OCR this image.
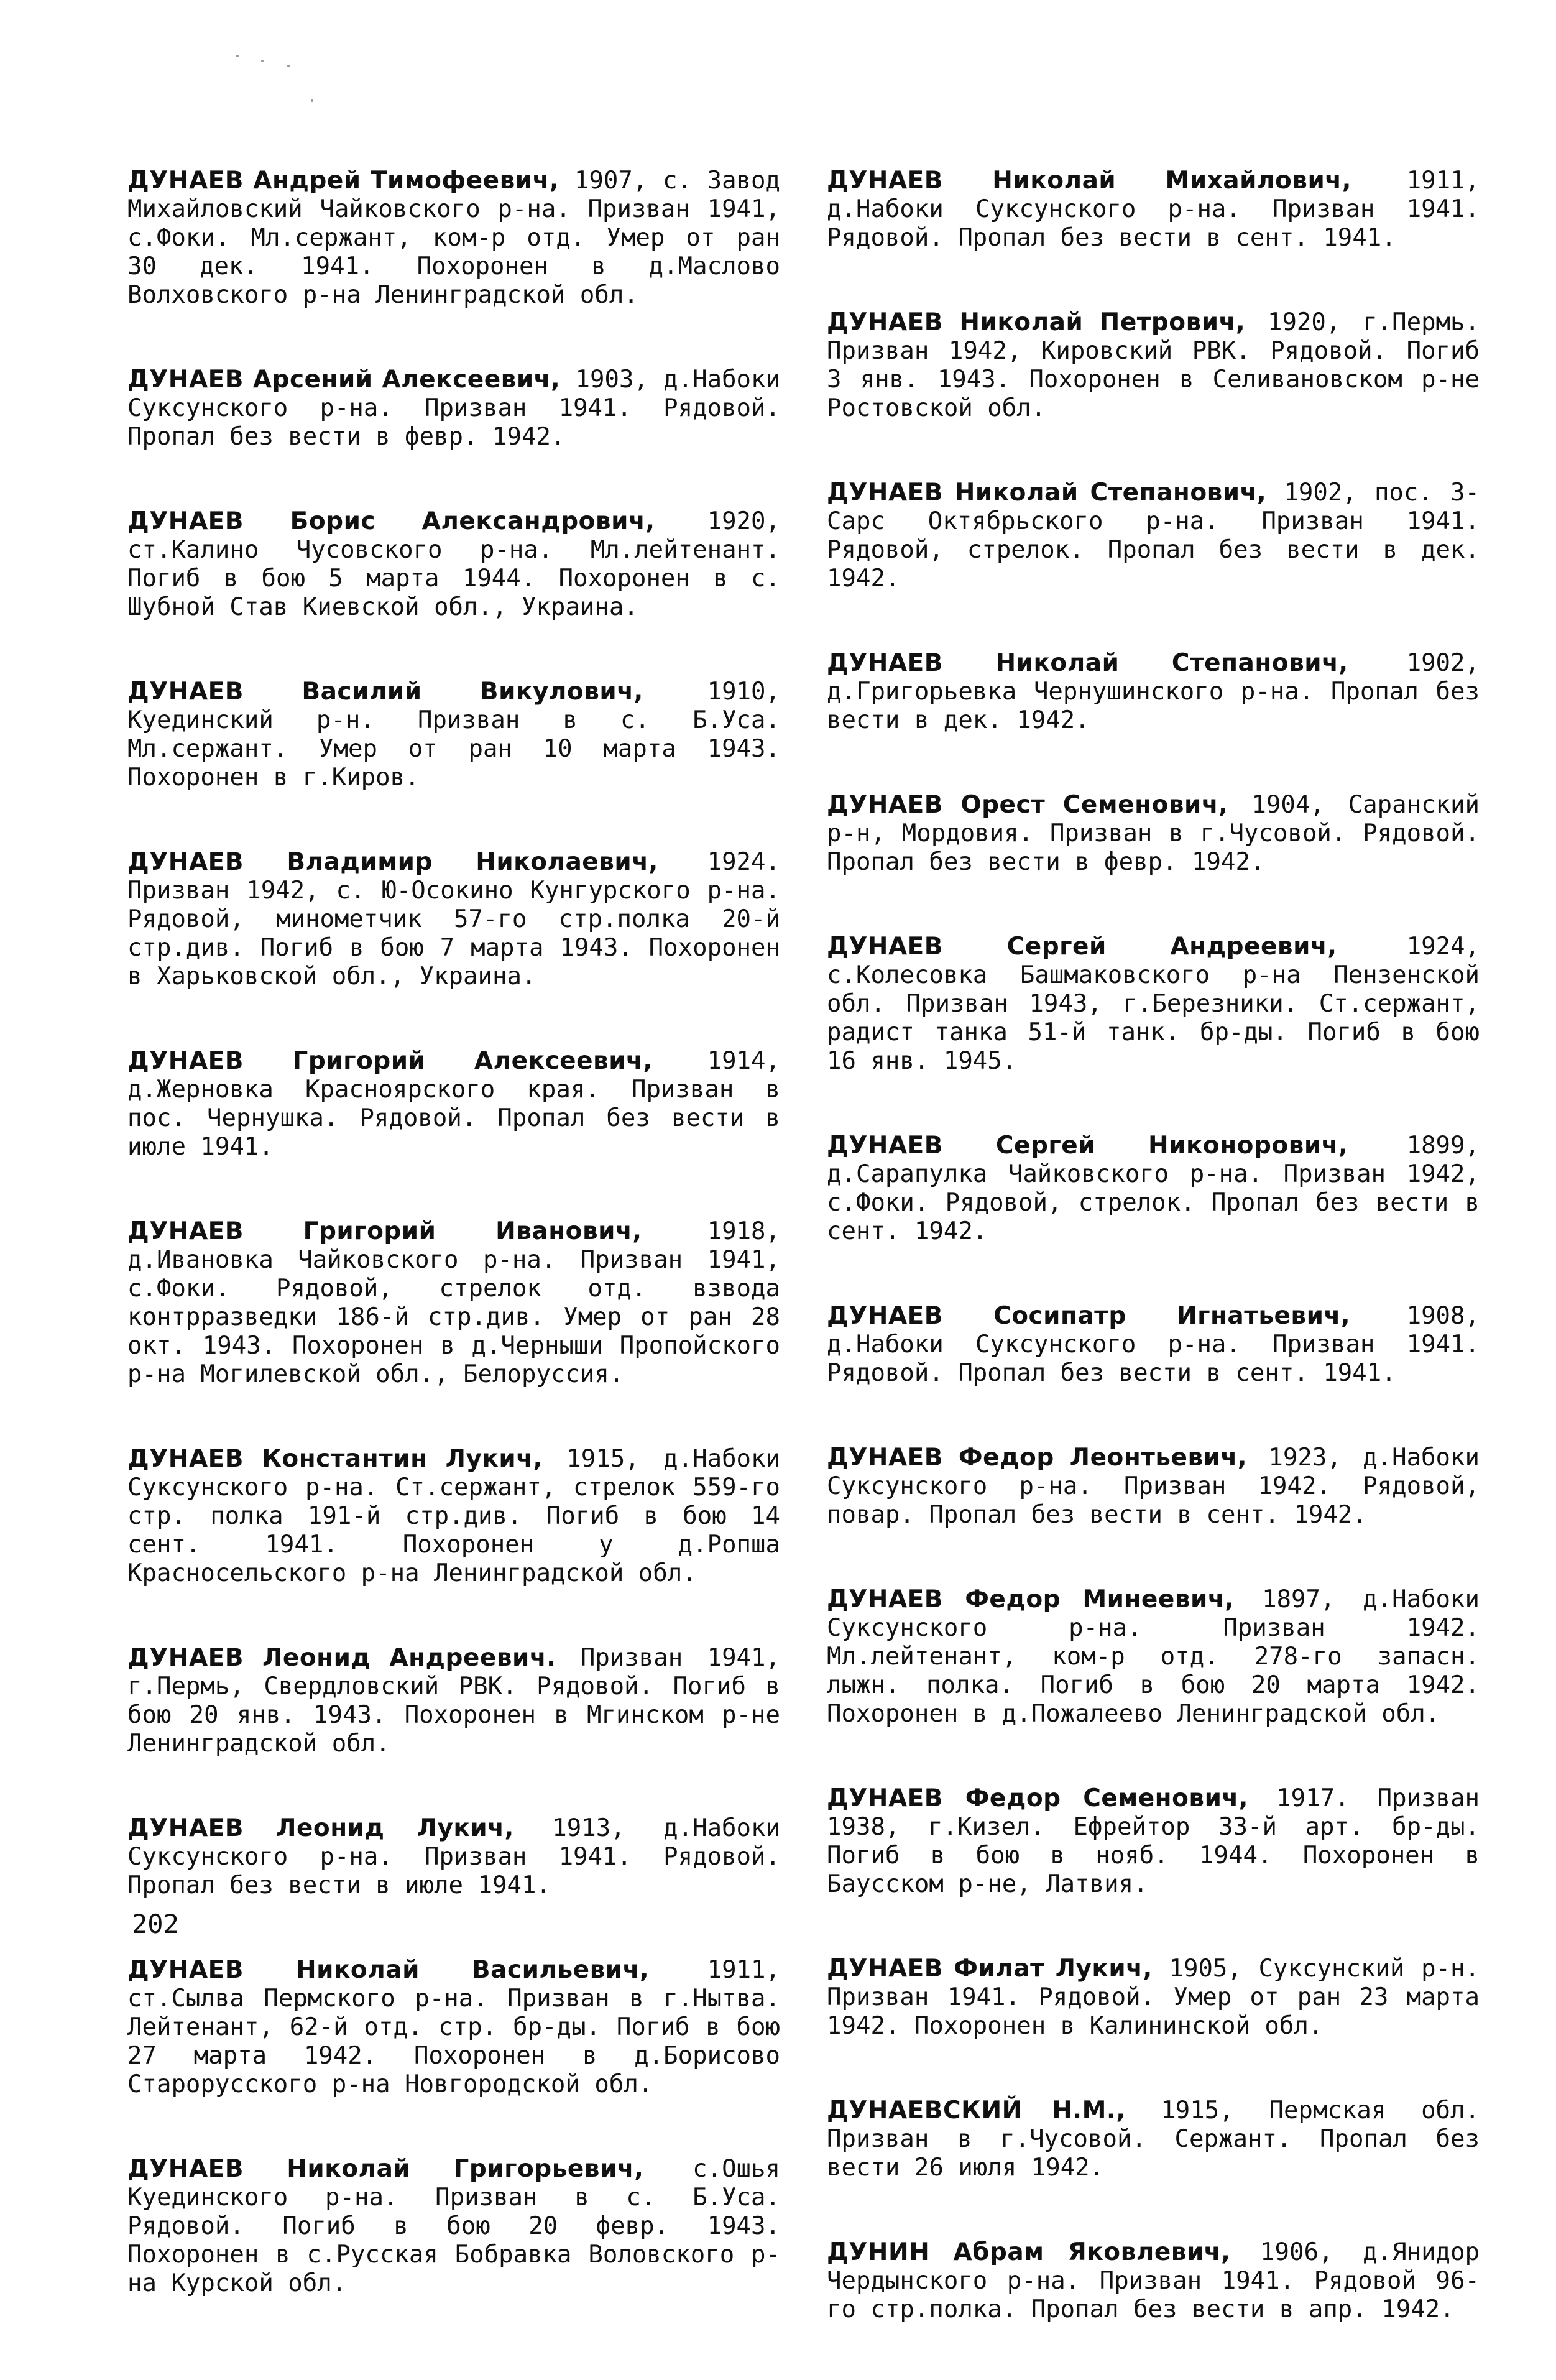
ДУНАЕВ Андрей Тимофеевич, 1907, с. Завод Михайловский Чайковского р-на. Призван 1941, с.Фоки. Мл.сержант, ком-р отд. Умер от ран 30 дек. 1941. Похоронен в д.Маслово Волховского р-на Ленинградской обл.

ДУНАЕВ Арсений Алексеевич, 1903, д.Набоки Суксунского р-на. Призван 1941. Рядовой. Пропал без вести в февр. 1942.

ДУНАЕВ Борис Александрович, 1920, ст.Калино Чусовского р-на. Мл.лейтенант. Погиб в бою 5 марта 1944. Похоронен в с. Шубной Став Киевской обл., Украина.

ДУНАЕВ Василий Викулович,	1910, Куединский р-н. Призван в с. Б.Уса. Мл.сержант. Умер от ран 10 марта 1943. Похоронен в г.Киров.

ДУНАЕВ Владимир Николаевич, 1924. Призван 1942, с. Ю-Осокино Кунгурского р-на. Рядовой, минометчик 57-го стр.полка 20-й стр.див. Погиб в бою 7 марта 1943. Похоронен в Харьковской обл., Украина.

ДУНАЕВ Григорий Алексеевич, 1914, д.Жерновка Красноярского края. Призван в пос. Чернушка. Рядовой. Пропал без вести в июле 1941.

ДУНАЕВ Григорий Иванович,	1918, д.Ивановка Чайковского р-на. Призван 1941, с.Фоки. Рядовой, стрелок отд. взвода контрразведки 186-й стр.див. Умер от ран 28 окт. 1943. Похоронен в д.Черныши Пропойского р-на Могилевской обл., Белоруссия.

ДУНАЕВ Константин Лукич, 1915, д.Набоки Суксунского р-на. Ст.сержант, стрелок 559-го стр. полка 191-й стр.див. Погиб в бою 14 сент. 1941. Похоронен у д.Ропша Красносельского р-на Ленинградской обл.

ДУНАЕВ Леонид Андреевич. Призван 1941, г.Пермь, Свердловский РВК. Рядовой. Погиб в бою 20 янв. 1943. Похоронен в Мгинском р-не Ленинградской обл.

ДУНАЕВ Леонид Лукич, 1913, д.Набоки Суксунского р-на. Призван 1941. Рядовой. Пропал без вести в июле 1941.

ДУНАЕВ Николай Васильевич, 1911, ст.Сылва Пермского р-на. Призван в г.Нытва. Лейтенант, 62-й отд. стр. бр-ды. Погиб в бою 27 марта 1942. Похоронен в д.Борисово Старорусского р-на Новгородской обл.

ДУНАЕВ Николай Григорьевич, с.Ошья Куединского р-на. Призван в с. Б.Уса. Рядовой. Погиб в бою 20 февр. 1943. Похоронен в с.Русская Бобравка Воловского р-на Курской обл.

ДУНАЕВ Николай Михайлович, 1911, д.Набоки Суксунского р-на. Призван 1941. Рядовой. Пропал без вести в сент. 1941.

ДУНАЕВ Николай Петрович, 1920, г.Пермь. Призван 1942, Кировский РВК. Рядовой. Погиб 3 янв. 1943. Похоронен в Селивановском р-не Ростовской обл.

ДУНАЕВ Николай Степанович, 1902, пос. 3-Сарс Октябрьского р-на. Призван 1941. Рядовой, стрелок. Пропал без вести в дек. 1942.

ДУНАЕВ Николай Степанович, 1902, д.Григорьевка Чернушинского р-на. Пропал без вести в дек. 1942.

ДУНАЕВ Орест Семенович, 1904, Саранский р-н, Мордовия. Призван в г.Чусовой. Рядовой. Пропал без вести в февр. 1942.

ДУНАЕВ Сергей Андреевич,	1924, с.Колесовка Башмаковского р-на Пензенской обл. Призван 1943, г.Березники. Ст.сержант, радист танка 51-й танк. бр-ды. Погиб в бою 16 янв. 1945.

ДУНАЕВ Сергей Никонорович, 1899, д.Сарапулка Чайковского р-на. Призван 1942, с.Фоки. Рядовой, стрелок. Пропал без вести в сент. 1942.

ДУНАЕВ Сосипатр Игнатьевич, 1908, д.Набоки Суксунского р-на. Призван 1941. Рядовой. Пропал без вести в сент. 1941.

ДУНАЕВ Федор Леонтьевич, 1923, д.Набоки Суксунского р-на. Призван 1942. Рядовой, повар. Пропал без вести в сент. 1942.

ДУНАЕВ Федор Минеевич, 1897, д.Набоки Суксунского р-на. Призван 1942. Мл.лейтенант, ком-р отд. 278-го запасн. лыжн. полка. Погиб в бою 20 марта 1942. Похоронен в д.Пожалеево Ленинградской обл.

ДУНАЕВ Федор Семенович, 1917. Призван 1938, г.Кизел. Ефрейтор 33-й арт. бр-ды. Погиб в бою в нояб. 1944. Похоронен в Баусском р-не, Латвия.

ДУНАЕВ Филат Лукич, 1905, Суксунский р-н. Призван 1941. Рядовой. Умер от ран 23 марта 1942. Похоронен в Калининской обл.

ДУНАЕВСКИЙ Н.М., 1915, Пермская обл. Призван в г.Чусовой. Сержант. Пропал без вести 26 июля 1942.

ДУНИН Абрам Яковлевич, 1906, д.Янидор Чердынского р-на. Призван 1941. Рядовой 96-го стр.полка. Пропал без вести в апр. 1942.

202
